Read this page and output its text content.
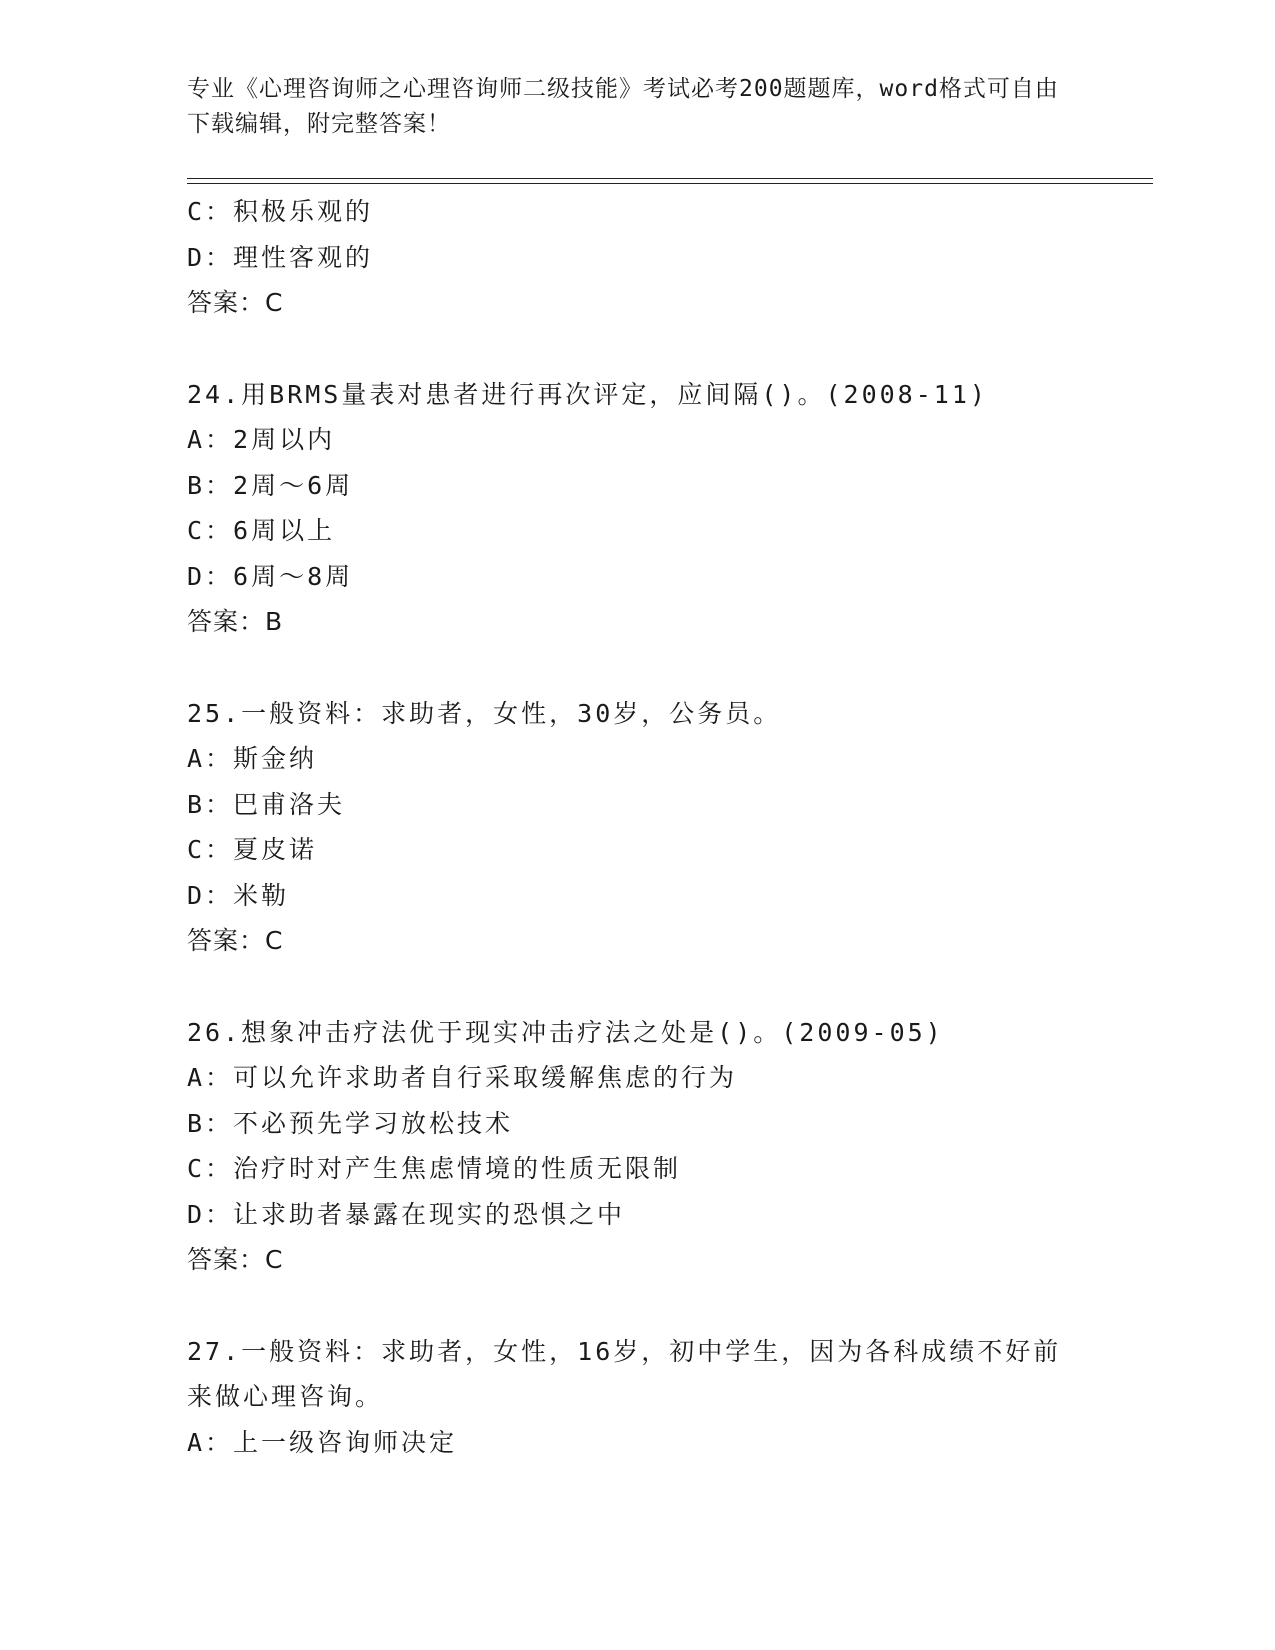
专业《心理咨询师之心理咨询师二级技能》考试必考200题题库，word格式可自由下载编辑，附完整答案！
C：积极乐观的
D：理性客观的
答案：C
24.用BRMS量表对患者进行再次评定，应间隔()。(2008-11)
A：2周以内
B：2周～6周
C：6周以上
D：6周～8周
答案：B
25.一般资料：求助者，女性，30岁，公务员。
A：斯金纳
B：巴甫洛夫
C：夏皮诺
D：米勒
答案：C
26.想象冲击疗法优于现实冲击疗法之处是()。(2009-05)
A：可以允许求助者自行采取缓解焦虑的行为
B：不必预先学习放松技术
C：治疗时对产生焦虑情境的性质无限制
D：让求助者暴露在现实的恐惧之中
答案：C
27.一般资料：求助者，女性，16岁，初中学生，因为各科成绩不好前来做心理咨询。
A：上一级咨询师决定
